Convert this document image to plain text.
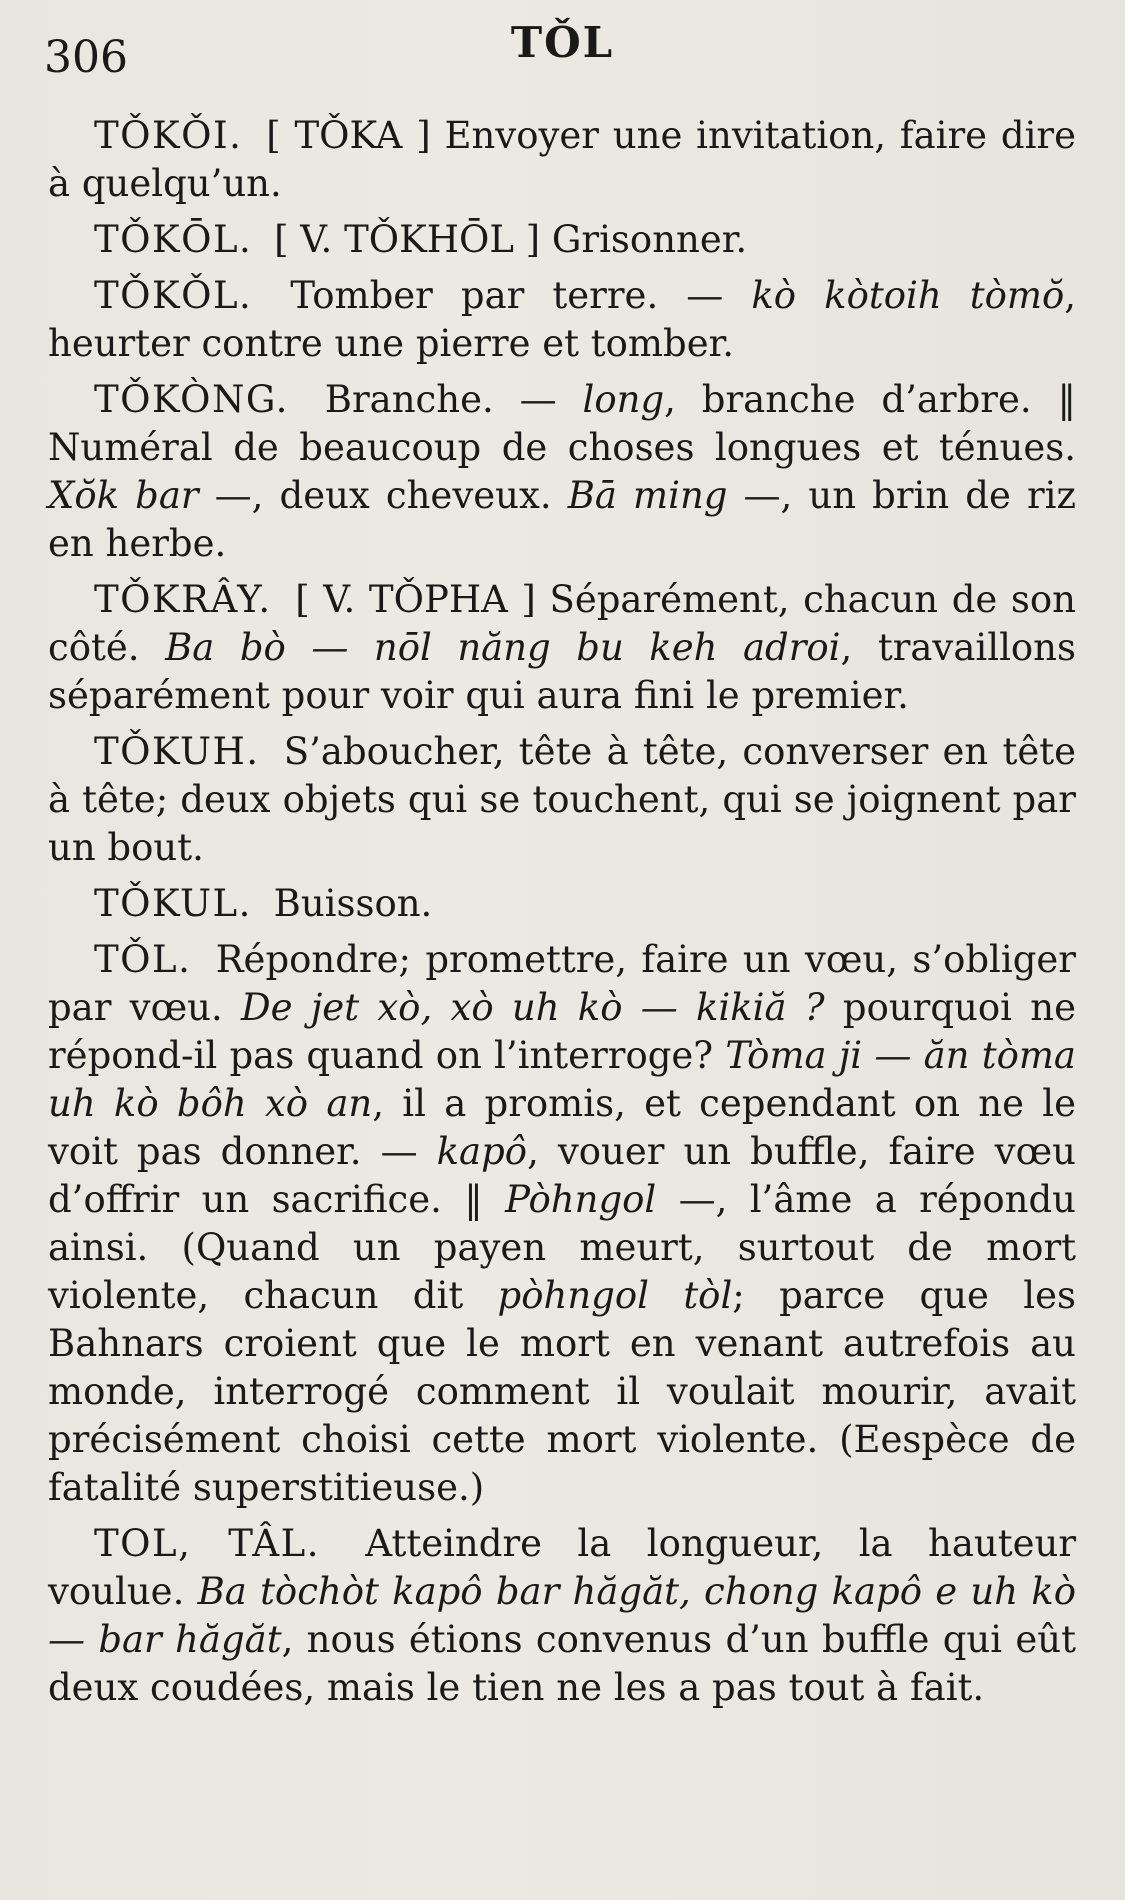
306	TǑL

TǑKǑI. [ TǑKA ] Envoyer une invitation, faire dire à quelqu’un.

TǑKŌL. [ V. TǑKHŌL ] Grisonner.

TǑKǑL. Tomber par terre. — kò kòtoih tòmŏ, heurter contre une pierre et tomber.

TǑKÒNG. Branche. — long, branche d’arbre. ‖ Numéral de beaucoup de choses longues et ténues. Xŏk bar —, deux cheveux. Bā ming —, un brin de riz en herbe.

TǑKRÂY. [ V. TǑPHA ] Séparément, chacun de son côté. Ba bò — nōl năng bu keh adroi, travaillons séparément pour voir qui aura fini le premier.

TǑKUH. S’aboucher, tête à tête, converser en tête à tête; deux objets qui se touchent, qui se joignent par un bout.

TǑKUL. Buisson.

TǑL. Répondre; promettre, faire un vœu, s’obliger par vœu. De jet xò, xò uh kò — kikiă ? pourquoi ne répond-il pas quand on l’interroge? Tòma ji — ăn tòma uh kò bôh xò an, il a promis, et cependant on ne le voit pas donner. — kapô, vouer un buffle, faire vœu d’offrir un sacrifice. ‖ Pòhngol —, l’âme a répondu ainsi. (Quand un payen meurt, surtout de mort violente, chacun dit pòhngol tòl; parce que les Bahnars croient que le mort en venant autrefois au monde, interrogé comment il voulait mourir, avait précisément choisi cette mort violente. (Eespèce de fatalité superstitieuse.)

TOL, TÂL. Atteindre la longueur, la hauteur voulue. Ba tòchòt kapô bar hăgăt, chong kapô e uh kò — bar hăgăt, nous étions convenus d’un buffle qui eût deux coudées, mais le tien ne les a pas tout à fait.
